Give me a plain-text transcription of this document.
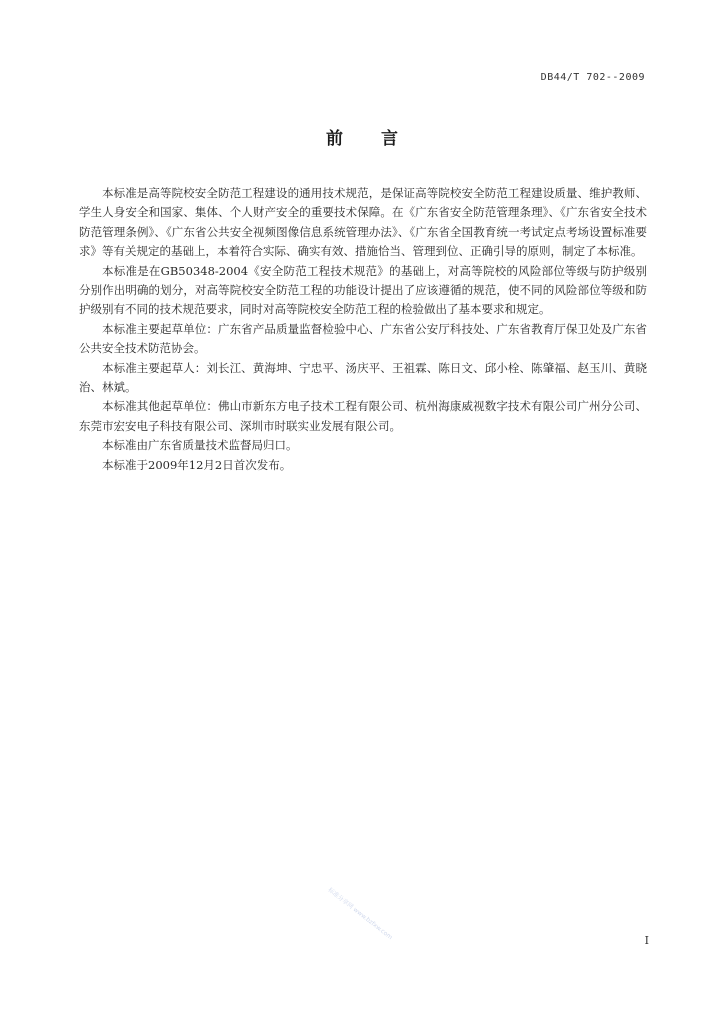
DB44/T 702--2009
前言

本标准是高等院校安全防范工程建设的通用技术规范，是保证高等院校安全防范工程建设质量、维护教师、学生人身安全和国家、集体、个人财产安全的重要技术保障。在《广东省安全防范管理条理》、《广东省安全技术防范管理条例》、《广东省公共安全视频图像信息系统管理办法》、《广东省全国教育统一考试定点考场设置标准要求》等有关规定的基础上，本着符合实际、确实有效、措施恰当、管理到位、正确引导的原则，制定了本标准。

本标准是在GB50348-2004《安全防范工程技术规范》的基础上，对高等院校的风险部位等级与防护级别分别作出明确的划分，对高等院校安全防范工程的功能设计提出了应该遵循的规范，使不同的风险部位等级和防护级别有不同的技术规范要求，同时对高等院校安全防范工程的检验做出了基本要求和规定。

本标准主要起草单位：广东省产品质量监督检验中心、广东省公安厅科技处、广东省教育厅保卫处及广东省公共安全技术防范协会。

本标准主要起草人：刘长江、黄海坤、宁忠平、汤庆平、王祖霖、陈日文、邱小栓、陈肇福、赵玉川、黄晓治、林斌。

本标准其他起草单位：佛山市新东方电子技术工程有限公司、杭州海康威视数字技术有限公司广州分公司、东莞市宏安电子科技有限公司、深圳市时联实业发展有限公司。

本标准由广东省质量技术监督局归口。

本标准于2009年12月2日首次发布。

标准分享网 www.bzfxw.com	I
